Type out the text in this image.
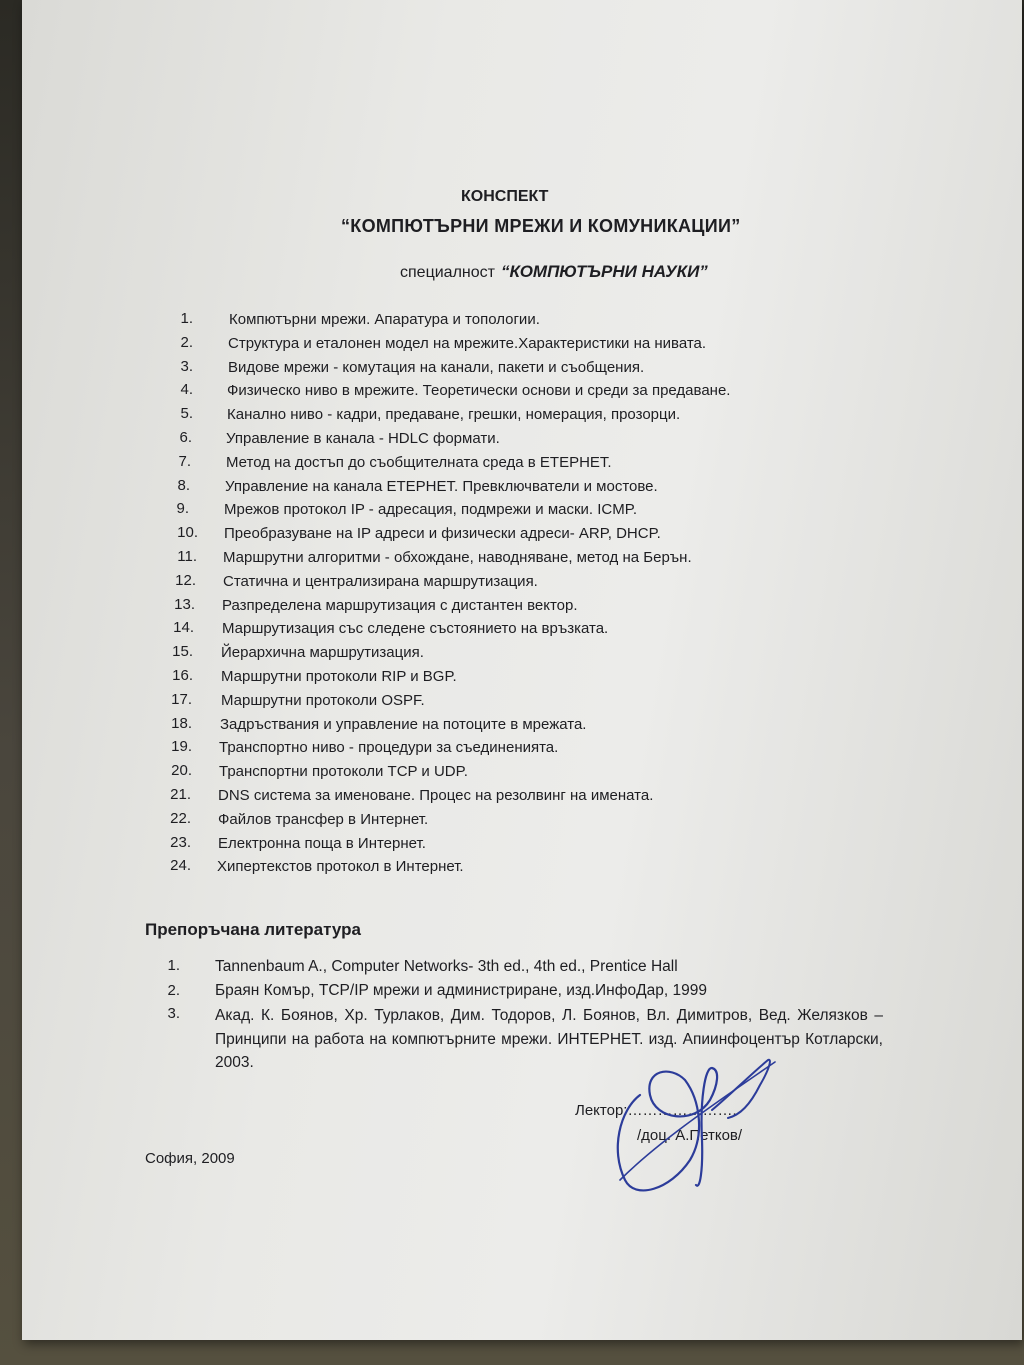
КОНСПЕКТ
“КОМПЮТЪРНИ МРЕЖИ И КОМУНИКАЦИИ”
специалност “КОМПЮТЪРНИ НАУКИ”
1. Компютърни мрежи. Апаратура и топологии.
2. Структура и еталонен модел на мрежите.Характеристики на нивата.
3. Видове мрежи - комутация на канали, пакети и съобщения.
4. Физическо ниво в мрежите. Теоретически основи и среди за предаване.
5. Канално ниво - кадри, предаване, грешки, номерация, прозорци.
6. Управление в канала - HDLC формати.
7. Метод на достъп до съобщителната среда в ЕТЕРНЕТ.
8. Управление на канала ЕТЕРНЕТ. Превключватели и мостове.
9. Мрежов протокол IP - адресация, подмрежи и маски. ICMP.
10. Преобразуване на IP адреси и физически адреси- ARP, DHCP.
11. Маршрутни алгоритми - обхождане, наводняване, метод на Берън.
12. Статична и централизирана маршрутизация.
13. Разпределена маршрутизация с дистантен вектор.
14. Маршрутизация със следене състоянието на връзката.
15. Йерархична маршрутизация.
16. Маршрутни протоколи RIP и BGP.
17. Маршрутни протоколи OSPF.
18. Задръствания и управление на потоците в мрежата.
19. Транспортно ниво - процедури за съединенията.
20. Транспортни протоколи TCP и UDP.
21. DNS система за именоване. Процес на резолвинг на имената.
22. Файлов трансфер в Интернет.
23. Електронна поща в Интернет.
24. Хипертекстов протокол в Интернет.
Препоръчана литература
1. Tannenbaum A., Computer Networks- 3th ed., 4th ed., Prentice Hall
2. Браян Комър, TCP/IP мрежи и администриране, изд.ИнфоДар, 1999
3. Акад. К. Боянов, Хр. Турлаков, Дим. Тодоров, Л. Боянов, Вл. Димитров, Вед. Желязков – Принципи на работа на компютърните мрежи. ИНТЕРНЕТ. изд. Апиинфоцентър Котларски, 2003.
Лектор:………………….
/доц. А.Петков/
София, 2009
